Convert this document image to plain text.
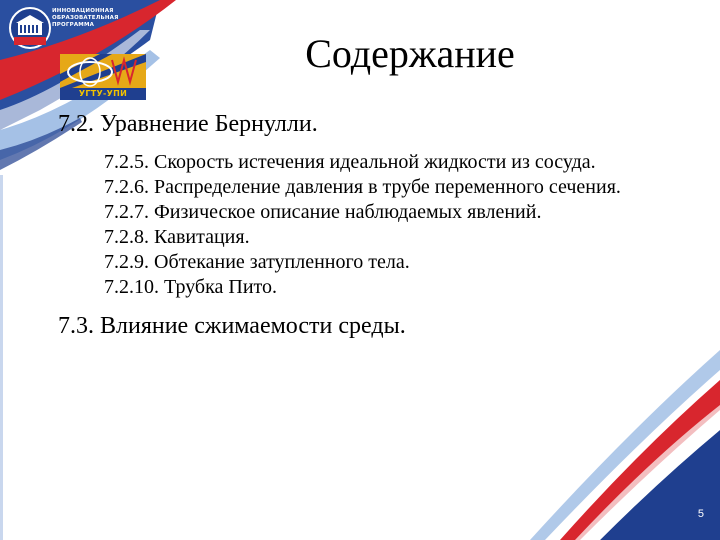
ИННОВАЦИОННАЯ
ОБРАЗОВАТЕЛЬНАЯ
ПРОГРАММА
УГТУ-УПИ
Содержание

7.2. Уравнение Бернулли.

7.2.5. Скорость истечения идеальной жидкости из сосуда.
7.2.6. Распределение давления в трубе переменного сечения.
7.2.7. Физическое описание наблюдаемых явлений.
7.2.8. Кавитация.
7.2.9. Обтекание затупленного тела.
7.2.10. Трубка Пито.

7.3. Влияние сжимаемости среды.

5
